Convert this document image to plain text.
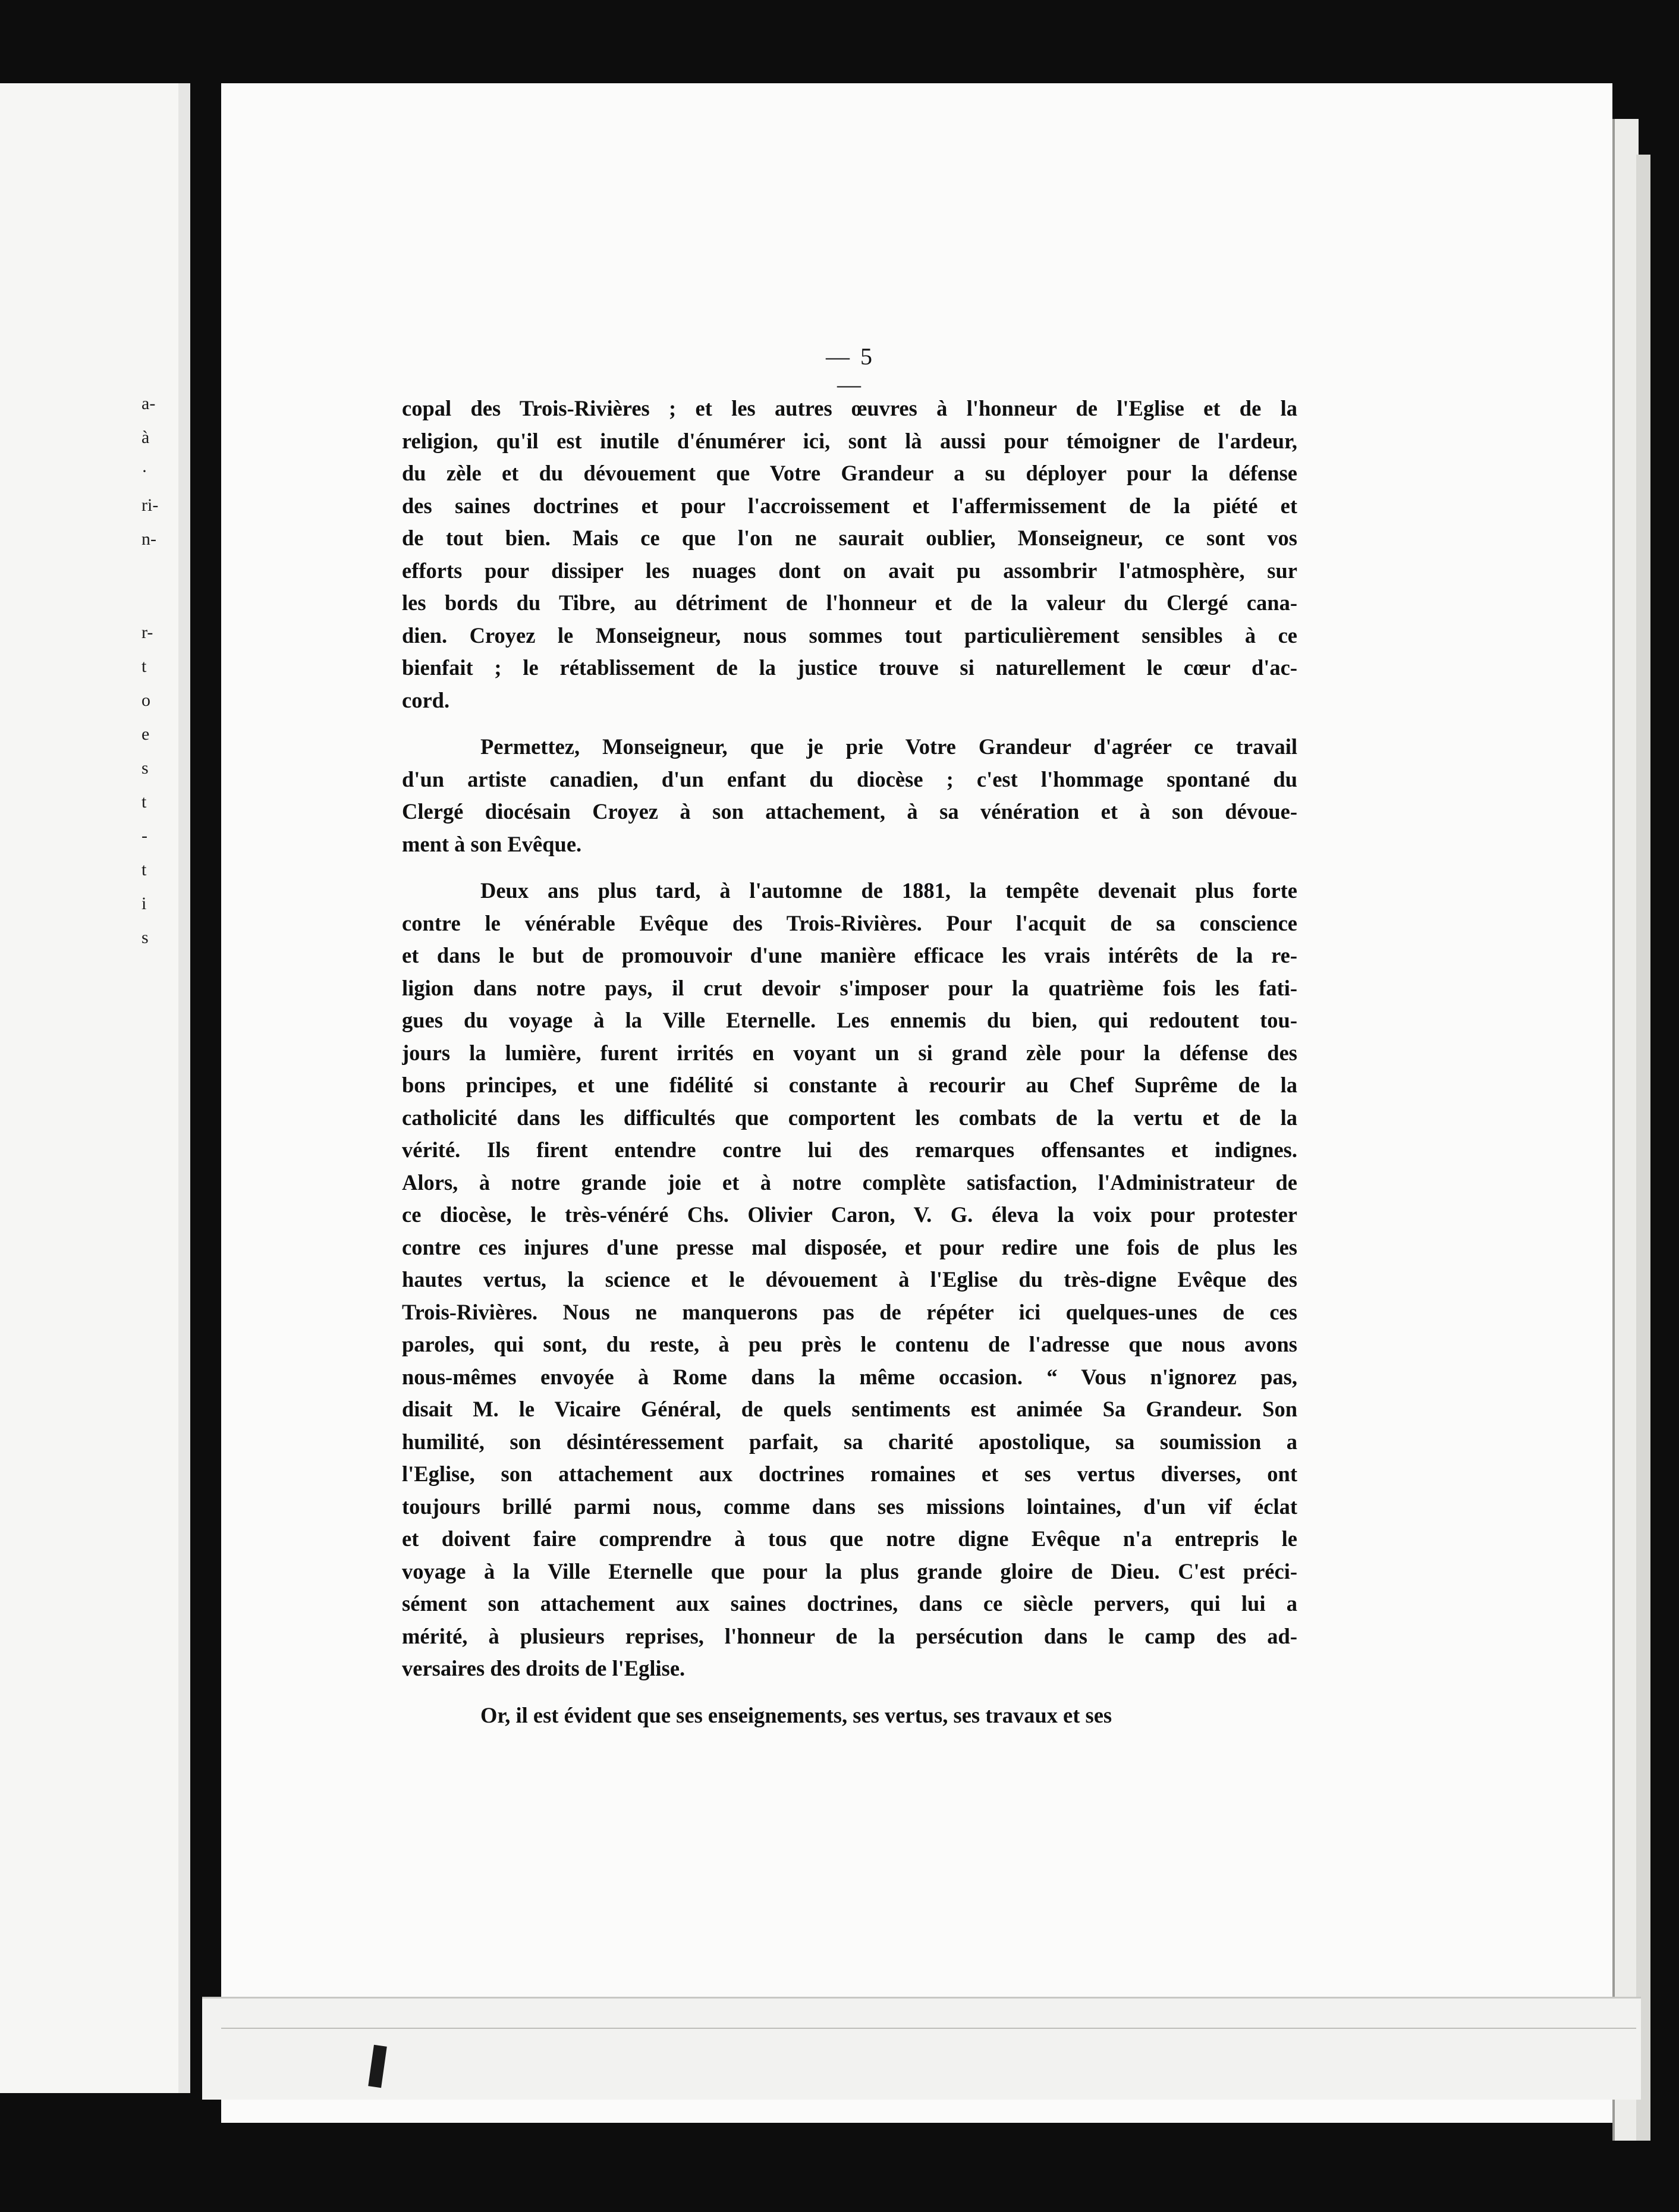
a-
à
·
ri-
n-
r-
t
o
e
s
t
-
t
i
s
— 5 —
copal des Trois-Rivières ; et les autres œuvres à l'honneur de l'Eglise et de la
religion, qu'il est inutile d'énumérer ici, sont là aussi pour témoigner de l'ardeur,
du zèle et du dévouement que Votre Grandeur a su déployer pour la défense
des saines doctrines et pour l'accroissement et l'affermissement de la piété et
de tout bien. Mais ce que l'on ne saurait oublier, Monseigneur, ce sont vos
efforts pour dissiper les nuages dont on avait pu assombrir l'atmosphère, sur
les bords du Tibre, au détriment de l'honneur et de la valeur du Clergé cana-
dien. Croyez le Monseigneur, nous sommes tout particulièrement sensibles à ce
bienfait ; le rétablissement de la justice trouve si naturellement le cœur d'ac-
cord.
Permettez, Monseigneur, que je prie Votre Grandeur d'agréer ce travail
d'un artiste canadien, d'un enfant du diocèse ; c'est l'hommage spontané du
Clergé diocésain Croyez à son attachement, à sa vénération et à son dévoue-
ment à son Evêque.
Deux ans plus tard, à l'automne de 1881, la tempête devenait plus forte
contre le vénérable Evêque des Trois-Rivières. Pour l'acquit de sa conscience
et dans le but de promouvoir d'une manière efficace les vrais intérêts de la re-
ligion dans notre pays, il crut devoir s'imposer pour la quatrième fois les fati-
gues du voyage à la Ville Eternelle. Les ennemis du bien, qui redoutent tou-
jours la lumière, furent irrités en voyant un si grand zèle pour la défense des
bons principes, et une fidélité si constante à recourir au Chef Suprême de la
catholicité dans les difficultés que comportent les combats de la vertu et de la
vérité. Ils firent entendre contre lui des remarques offensantes et indignes.
Alors, à notre grande joie et à notre complète satisfaction, l'Administrateur de
ce diocèse, le très-vénéré Chs. Olivier Caron, V. G. éleva la voix pour protester
contre ces injures d'une presse mal disposée, et pour redire une fois de plus les
hautes vertus, la science et le dévouement à l'Eglise du très-digne Evêque des
Trois-Rivières. Nous ne manquerons pas de répéter ici quelques-unes de ces
paroles, qui sont, du reste, à peu près le contenu de l'adresse que nous avons
nous-mêmes envoyée à Rome dans la même occasion. “ Vous n'ignorez pas,
disait M. le Vicaire Général, de quels sentiments est animée Sa Grandeur. Son
humilité, son désintéressement parfait, sa charité apostolique, sa soumission a
l'Eglise, son attachement aux doctrines romaines et ses vertus diverses, ont
toujours brillé parmi nous, comme dans ses missions lointaines, d'un vif éclat
et doivent faire comprendre à tous que notre digne Evêque n'a entrepris le
voyage à la Ville Eternelle que pour la plus grande gloire de Dieu. C'est préci-
sément son attachement aux saines doctrines, dans ce siècle pervers, qui lui a
mérité, à plusieurs reprises, l'honneur de la persécution dans le camp des ad-
versaires des droits de l'Eglise.
Or, il est évident que ses enseignements, ses vertus, ses travaux et ses
